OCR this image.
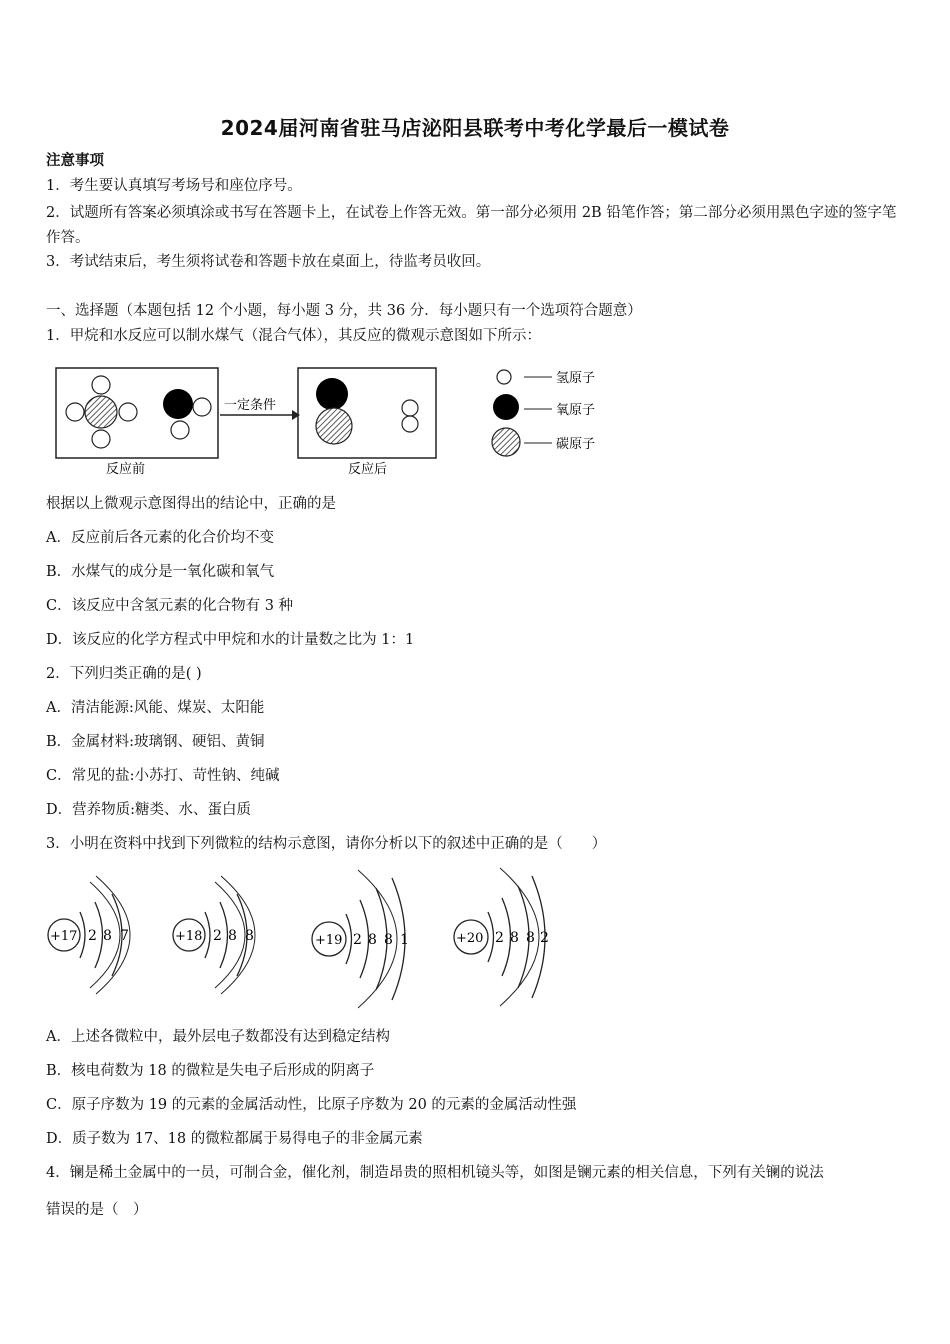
2024届河南省驻马店泌阳县联考中考化学最后一模试卷
注意事项
1．考生要认真填写考场号和座位序号。
2．试题所有答案必须填涂或书写在答题卡上，在试卷上作答无效。第一部分必须用 2B 铅笔作答；第二部分必须用黑色字迹的签字笔作答。
3．考试结束后，考生须将试卷和答题卡放在桌面上，待监考员收回。
一、选择题（本题包括 12 个小题，每小题 3 分，共 36 分．每小题只有一个选项符合题意）
1．甲烷和水反应可以制水煤气（混合气体），其反应的微观示意图如下所示：
反应前
一定条件
反应后
氢原子
氧原子
碳原子
根据以上微观示意图得出的结论中，正确的是
A．反应前后各元素的化合价均不变
B．水煤气的成分是一氧化碳和氧气
C．该反应中含氢元素的化合物有 3 种
D．该反应的化学方程式中甲烷和水的计量数之比为 1：1
2．下列归类正确的是( )
A．清洁能源:风能、煤炭、太阳能
B．金属材料:玻璃钢、硬铝、黄铜
C．常见的盐:小苏打、苛性钠、纯碱
D．营养物质:糖类、水、蛋白质
3．小明在资料中找到下列微粒的结构示意图，请你分析以下的叙述中正确的是（　　）
+17 2 8 7	+18 2 8 8	+19 2 8 8 1	+20 2 8 8 2
A．上述各微粒中，最外层电子数都没有达到稳定结构
B．核电荷数为 18 的微粒是失电子后形成的阴离子
C．原子序数为 19 的元素的金属活动性，比原子序数为 20 的元素的金属活动性强
D．质子数为 17、18 的微粒都属于易得电子的非金属元素
4．镧是稀土金属中的一员，可制合金，催化剂，制造昂贵的照相机镜头等，如图是镧元素的相关信息，下列有关镧的说法
错误的是（　）
